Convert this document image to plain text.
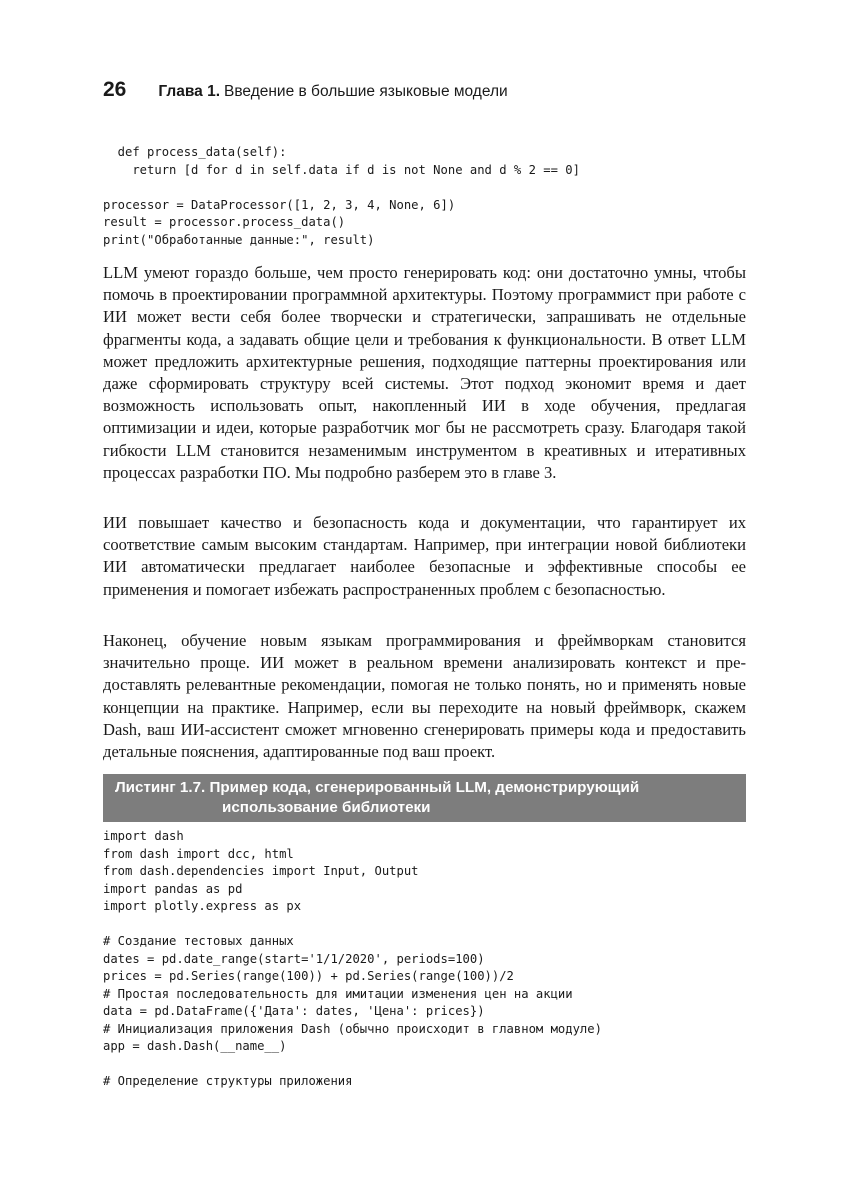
26 Глава 1. Введение в большие языковые модели
def process_data(self):
return [d for d in self.data if d is not None and d % 2 == 0]

processor = DataProcessor([1, 2, 3, 4, None, 6])
result = processor.process_data()
print("Обработанные данные:", result)

LLM умеют гораздо больше, чем просто генерировать код: они достаточно умны, чтобы помочь в проектировании программной архитектуры. Поэтому программист при работе с ИИ может вести себя более творчески и стратегически, запрашивать не отдельные фрагменты кода, а задавать общие цели и требования к функциональности. В ответ LLM может предложить архитектурные решения, подходящие паттерны проектирования или даже сформировать структуру всей системы. Этот подход экономит время и дает возможность использовать опыт, накопленный ИИ в ходе обучения, предлагая оптимизации и идеи, которые разработчик мог бы не рассмотреть сразу. Благодаря такой гибкости LLM становится незаменимым инструментом в креативных и итеративных процессах разработки ПО. Мы подробно разберем это в главе 3.

ИИ повышает качество и безопасность кода и документации, что гарантирует их соответствие самым высоким стандартам. Например, при интеграции новой библиотеки ИИ автоматически предлагает наиболее безопасные и эффективные способы ее применения и помогает избежать распространенных проблем с безопасностью.

Наконец, обучение новым языкам программирования и фреймворкам становится значительно проще. ИИ может в реальном времени анализировать контекст и предоставлять релевантные рекомендации, помогая не только понять, но и применять новые концепции на практике. Например, если вы переходите на новый фреймворк, скажем Dash, ваш ИИ-ассистент сможет мгновенно сгенерировать примеры кода и предоставить детальные пояснения, адаптированные под ваш проект.

Листинг 1.7. Пример кода, сгенерированный LLM, демонстрирующий
использование библиотеки
import dash
from dash import dcc, html
from dash.dependencies import Input, Output
import pandas as pd
import plotly.express as px

# Создание тестовых данных
dates = pd.date_range(start='1/1/2020', periods=100)
prices = pd.Series(range(100)) + pd.Series(range(100))/2
# Простая последовательность для имитации изменения цен на акции
data = pd.DataFrame({'Дата': dates, 'Цена': prices})
# Инициализация приложения Dash (обычно происходит в главном модуле)
app = dash.Dash(__name__)

# Определение структуры приложения
